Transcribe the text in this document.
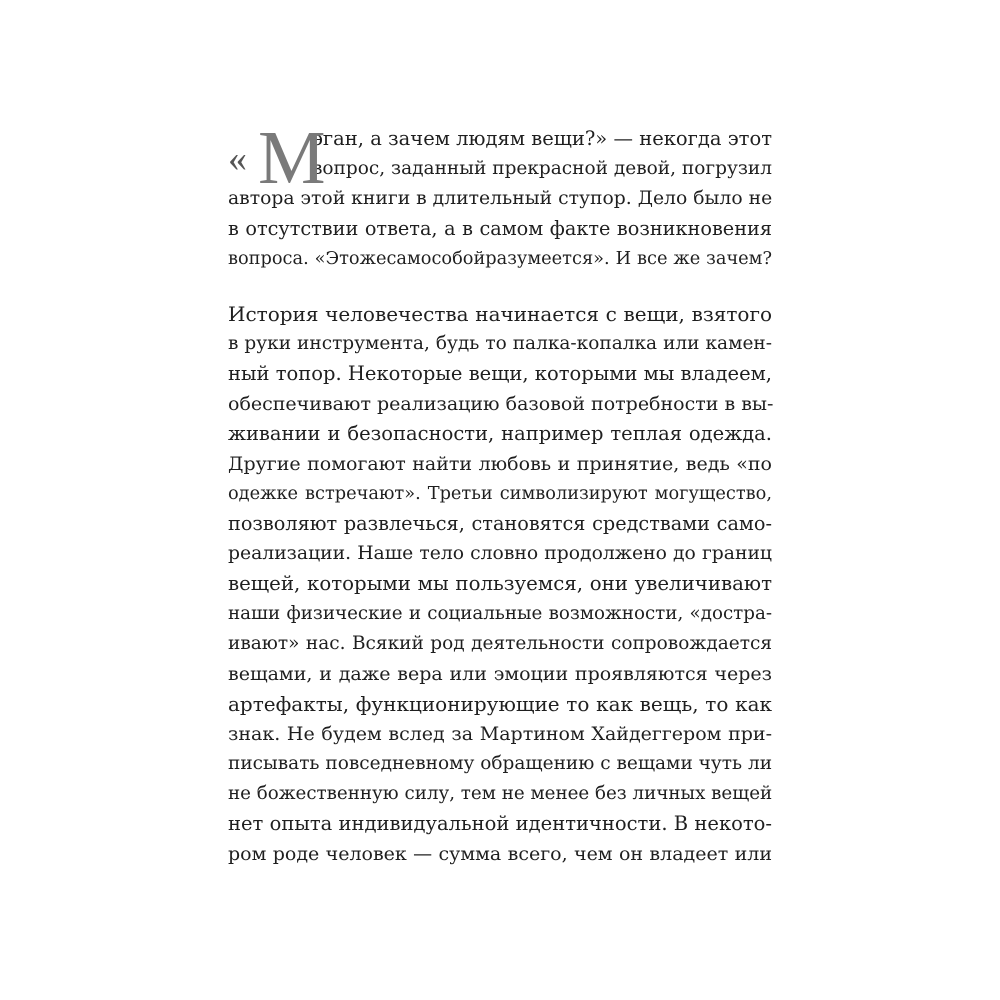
« М
эган, а зачем людям вещи?» — некогда этот
вопрос, заданный прекрасной девой, погрузил
автора этой книги в длительный ступор. Дело было не
в отсутствии ответа, а в самом факте возникновения
вопроса. «Этожесамособойразумеется». И все же зачем?
История человечества начинается с вещи, взятого
в руки инструмента, будь то палка-копалка или камен-
ный топор. Некоторые вещи, которыми мы владеем,
обеспечивают реализацию базовой потребности в вы-
живании и безопасности, например теплая одежда.
Другие помогают найти любовь и принятие, ведь «по
одежке встречают». Третьи символизируют могущество,
позволяют развлечься, становятся средствами само-
реализации. Наше тело словно продолжено до границ
вещей, которыми мы пользуемся, они увеличивают
наши физические и социальные возможности, «достра-
ивают» нас. Всякий род деятельности сопровождается
вещами, и даже вера или эмоции проявляются через
артефакты, функционирующие то как вещь, то как
знак. Не будем вслед за Мартином Хайдеггером при-
писывать повседневному обращению с вещами чуть ли
не божественную силу, тем не менее без личных вещей
нет опыта индивидуальной идентичности. В некото-
ром роде человек — сумма всего, чем он владеет или
